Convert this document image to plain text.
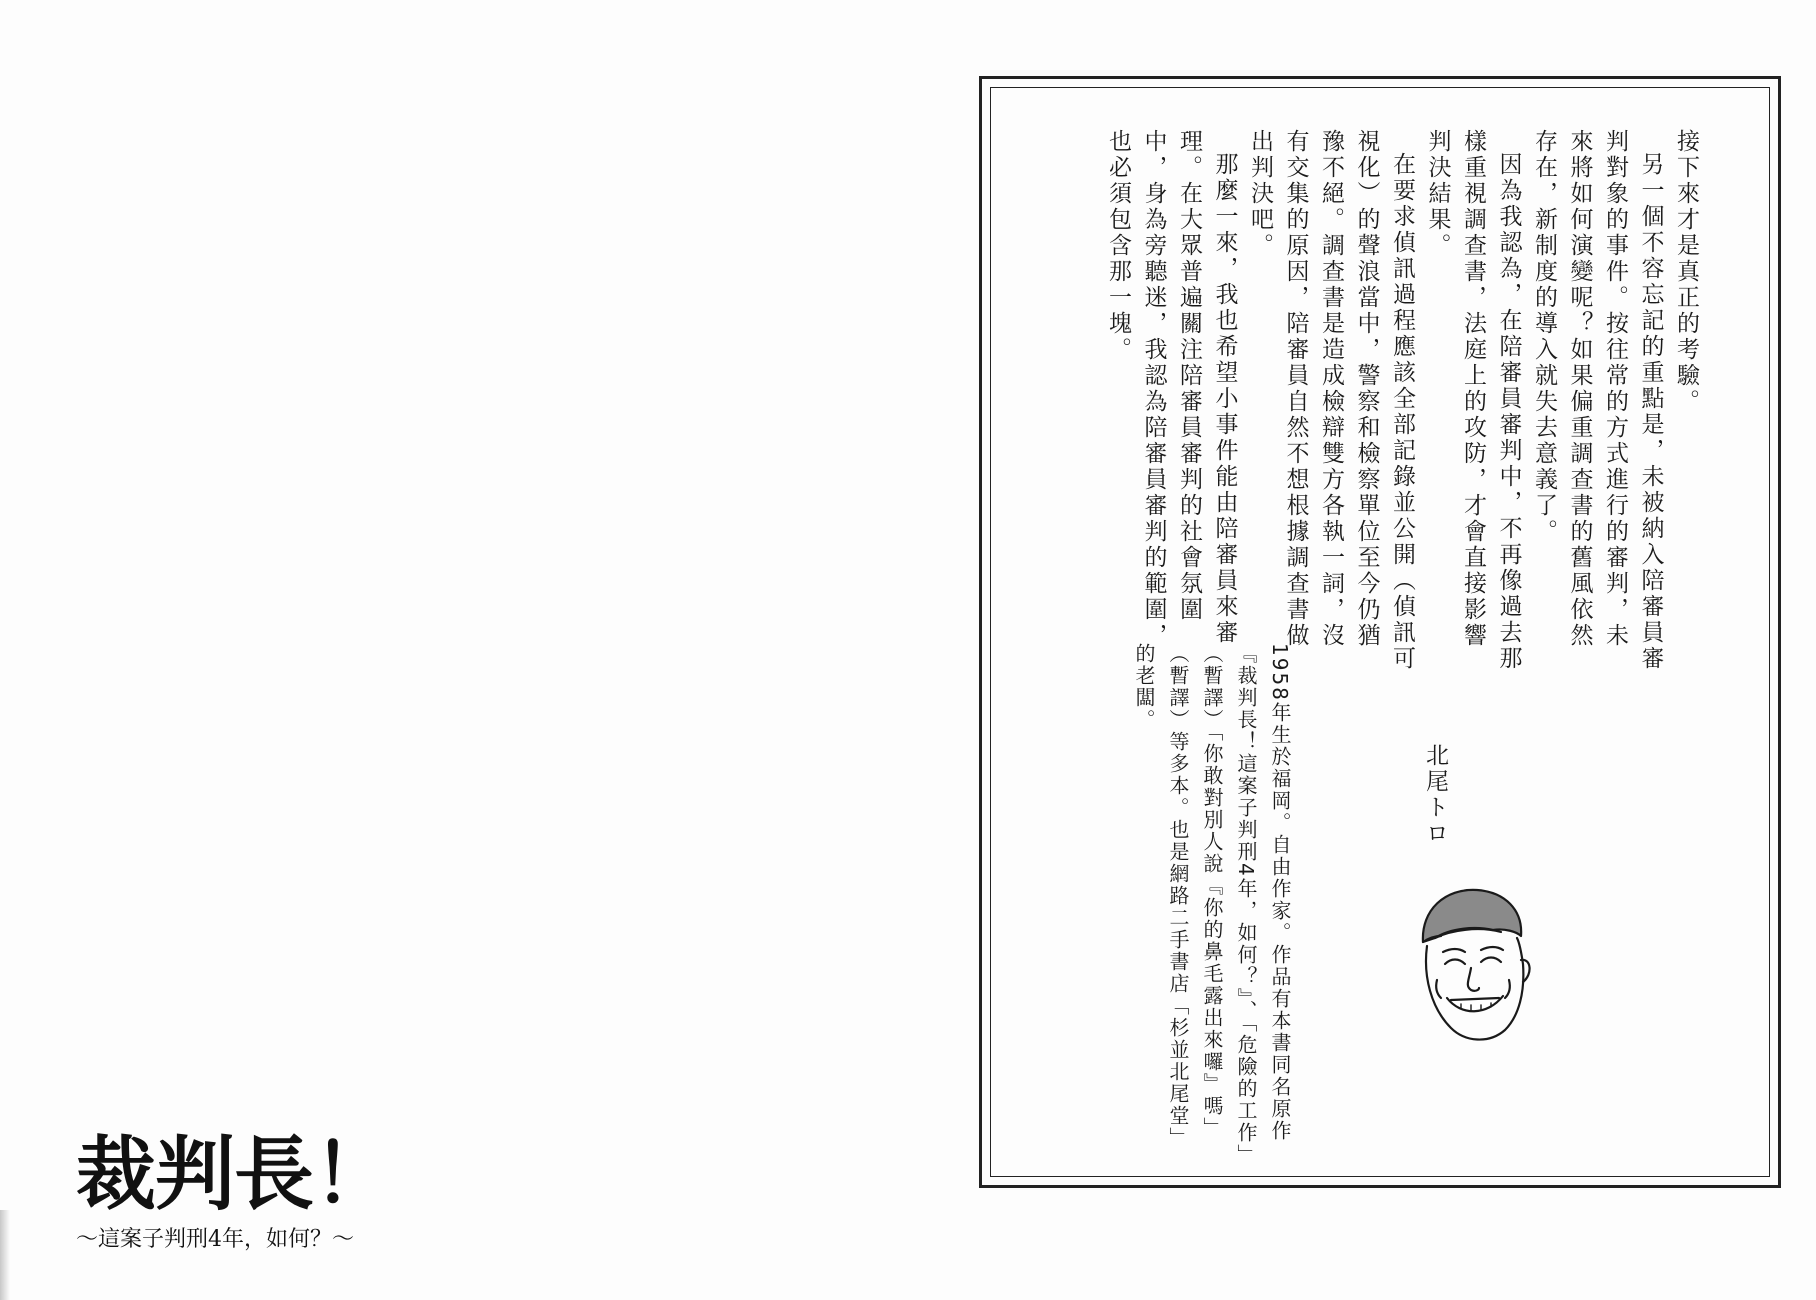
接下來才是真正的考驗。

另一個不容忘記的重點是，未被納入陪審員審判對象的事件。按往常的方式進行的審判，未來將如何演變呢？如果偏重調查書的舊風依然存在，新制度的導入就失去意義了。

因為我認為，在陪審員審判中，不再像過去那樣重視調查書，法庭上的攻防，才會直接影響判決結果。

在要求偵訊過程應該全部記錄並公開（偵訊可視化）的聲浪當中，警察和檢察單位至今仍猶豫不絕。調查書是造成檢辯雙方各執一詞，沒有交集的原因，陪審員自然不想根據調查書做出判決吧。

那麼一來，我也希望小事件能由陪審員來審理。在大眾普遍關注陪審員審判的社會氛圍中，身為旁聽迷，我認為陪審員審判的範圍，也必須包含那一塊。

北尾トロ

1958年生於福岡。自由作家。作品有本書同名原作『裁判長！這案子判刑4年，如何？』、「危險的工作」（暫譯）「你敢對別人說『你的鼻毛露出來囉』嗎」（暫譯）等多本。也是網路二手書店「杉並北尾堂」的老闆。

裁判長！

～這案子判刑4年，如何？～
